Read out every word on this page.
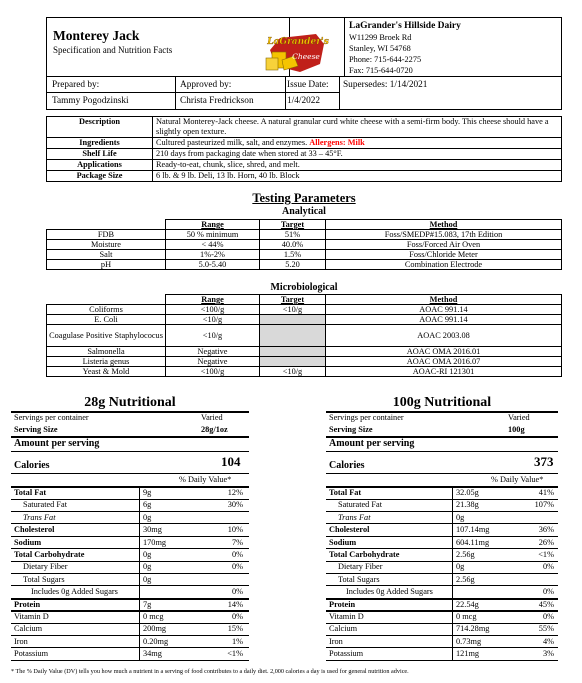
Monterey Jack
Specification and Nutrition Facts
LaGrander's Hillside Dairy
W11299 Broek Rd
Stanley, WI 54768
Phone: 715-644-2275
Fax: 715-644-0720
LaGrander's
Cheese
Prepared by:
Tammy Pogodzinski
Approved by:
Christa Fredrickson
Issue Date:
1/4/2022
Supersedes: 1/14/2021
Description	Natural Monterey-Jack cheese. A natural granular curd white cheese with a semi-firm body. This cheese should have a slightly open texture.
Ingredients	Cultured pasteurized milk, salt, and enzymes. Allergens: Milk
Shelf Life	210 days from packaging date when stored at 33 – 45°F.
Applications	Ready-to-eat, chunk, slice, shred, and melt.
Package Size	6 lb. & 9 lb. Deli, 13 lb. Horn, 40 lb. Block
Testing Parameters
Analytical
	Range	Target	Method
FDB	50 % minimum	51%	Foss/SMEDP#15.083, 17th Edition
Moisture	< 44%	40.0%	Foss/Forced Air Oven
Salt	1%-2%	1.5%	Foss/Chloride Meter
pH	5.0-5.40	5.20	Combination Electrode
Microbiological
	Range	Target	Method
Coliforms	<100/g	<10/g	AOAC 991.14
E. Coli	<10/g		AOAC 991.14
Coagulase Positive Staphylococus	<10/g		AOAC 2003.08
Salmonella	Negative		AOAC OMA 2016.01
Listeria genus	Negative		AOAC OMA 2016.07
Yeast & Mold	<100/g	<10/g	AOAC-RI 121301
28g Nutritional
Servings per container	Varied
Serving Size	28g/1oz
Amount per serving
Calories	104
% Daily Value*
Total Fat	9g	12%
Saturated Fat	6g	30%
Trans Fat	0g
Cholesterol	30mg	10%
Sodium	170mg	7%
Total Carbohydrate	0g	0%
Dietary Fiber	0g	0%
Total Sugars	0g
Includes 0g Added Sugars	0%
Protein	7g	14%
Vitamin D	0 mcg	0%
Calcium	200mg	15%
Iron	0.20mg	1%
Potassium	34mg	<1%
100g Nutritional
Servings per container	Varied
Serving Size	100g
Amount per serving
Calories	373
% Daily Value*
Total Fat	32.05g	41%
Saturated Fat	21.38g	107%
Trans Fat	0g
Cholesterol	107.14mg	36%
Sodium	604.11mg	26%
Total Carbohydrate	2.56g	<1%
Dietary Fiber	0g	0%
Total Sugars	2.56g
Includes 0g Added Sugars	0%
Protein	22.54g	45%
Vitamin D	0 mcg	0%
Calcium	714.28mg	55%
Iron	0.73mg	4%
Potassium	121mg	3%
* The % Daily Value (DV) tells you how much a nutrient in a serving of food contributes to a daily diet. 2,000 calories a day is used for general nutrition advice.
